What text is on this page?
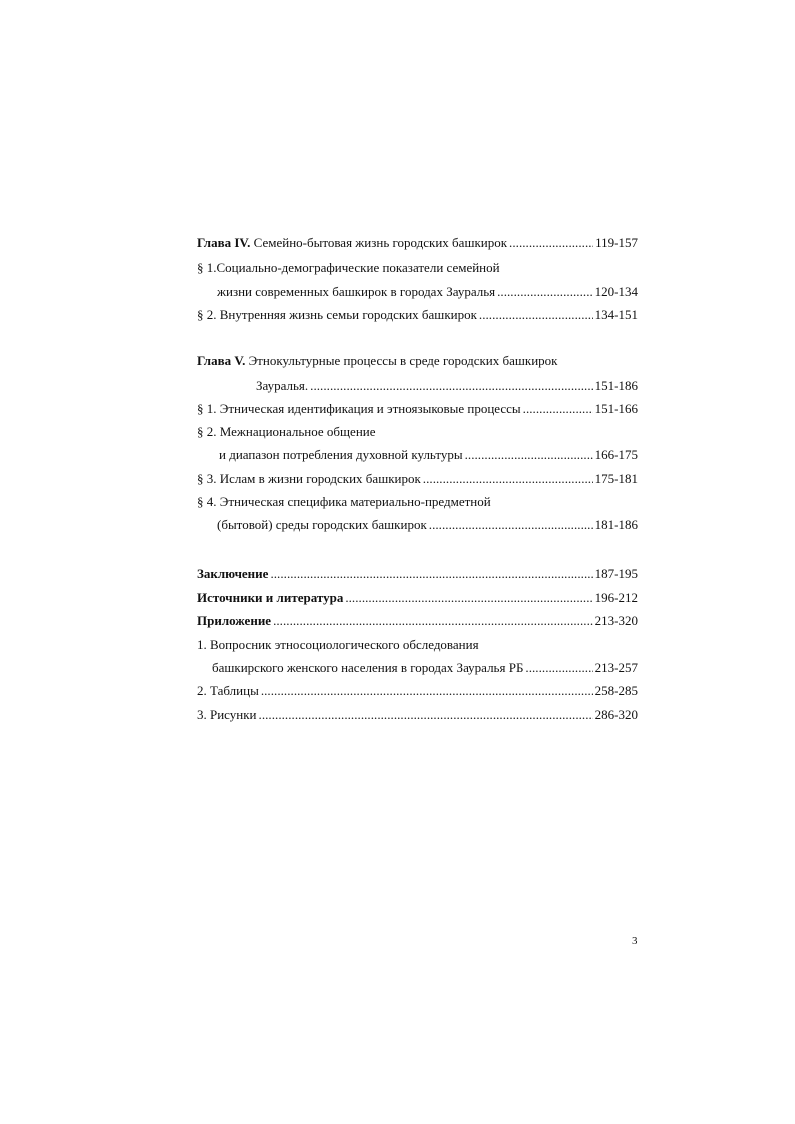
Глава IV. Семейно-бытовая жизнь городских башкирок . . .	119-157
§ 1.Социально-демографические показатели семейной
жизни современных башкирок в городах Зауралья . . .	120-134
§ 2. Внутренняя жизнь семьи городских башкирок . . .	134-151
Глава V. Этнокультурные процессы в среде городских башкирок
Зауралья. . . .	151-186
§ 1. Этническая идентификация и этноязыковые процессы . . .	151-166
§ 2. Межнациональное общение
и диапазон потребления духовной культуры . . .	166-175
§ 3. Ислам в жизни городских башкирок . . .	175-181
§ 4. Этническая специфика материально-предметной
(бытовой) среды городских башкирок . . .	181-186
Заключение . . .	187-195
Источники и литература . . .	196-212
Приложение . . .	213-320
1. Вопросник этносоциологического обследования
башкирского женского населения в городах Зауралья РБ . . .	213-257
2. Таблицы . . .	258-285
3. Рисунки . . .	286-320
3
